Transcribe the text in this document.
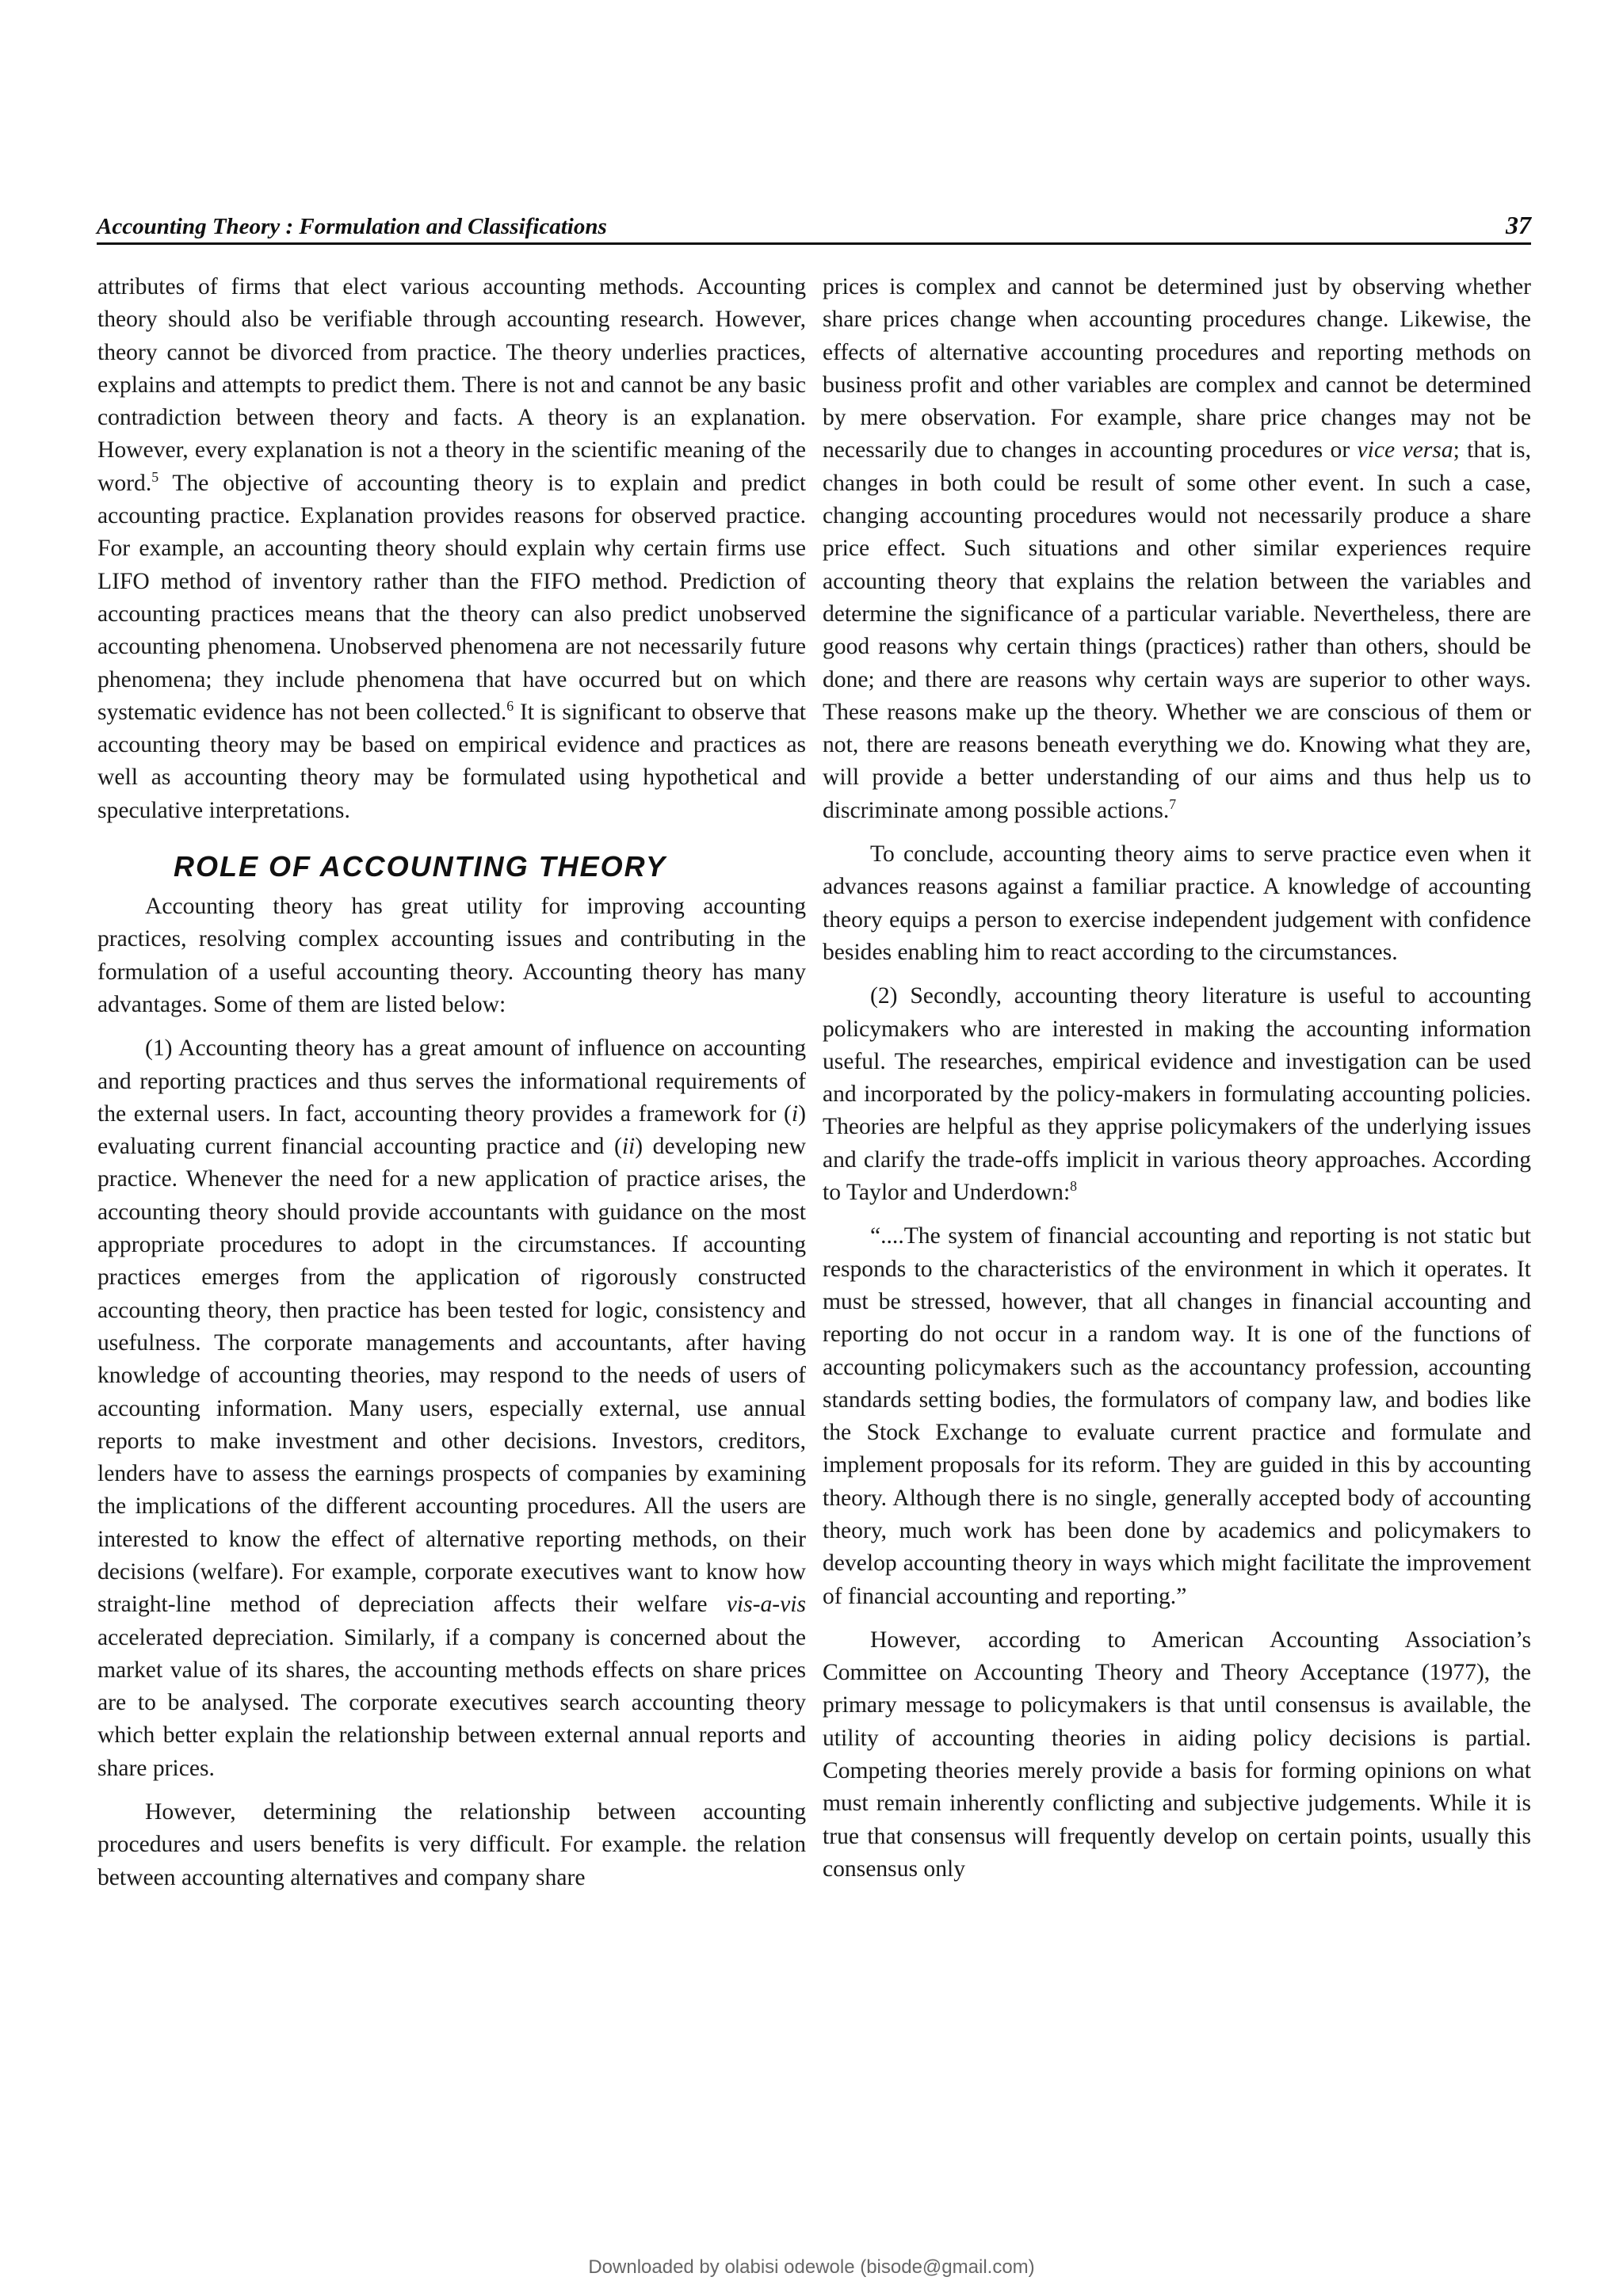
Accounting Theory : Formulation and Classifications	37

attributes of firms that elect various accounting methods. Accounting theory should also be verifiable through accounting research. However, theory cannot be divorced from practice. The theory underlies practices, explains and attempts to predict them. There is not and cannot be any basic contradiction between theory and facts. A theory is an explanation. However, every explanation is not a theory in the scientific meaning of the word.$^5$ The objective of accounting theory is to explain and predict accounting practice. Explanation provides reasons for observed practice. For example, an accounting theory should explain why certain firms use LIFO method of inventory rather than the FIFO method. Prediction of accounting practices means that the theory can also predict unobserved accounting phenomena. Unobserved phenomena are not necessarily future phenomena; they include phenomena that have occurred but on which systematic evidence has not been collected.$^6$ It is significant to observe that accounting theory may be based on empirical evidence and practices as well as accounting theory may be formulated using hypothetical and speculative interpretations.

ROLE OF ACCOUNTING THEORY

Accounting theory has great utility for improving accounting practices, resolving complex accounting issues and contributing in the formulation of a useful accounting theory. Accounting theory has many advantages. Some of them are listed below:

(1) Accounting theory has a great amount of influence on accounting and reporting practices and thus serves the informational requirements of the external users. In fact, accounting theory provides a framework for (i) evaluating current financial accounting practice and (ii) developing new practice. Whenever the need for a new application of practice arises, the accounting theory should provide accountants with guidance on the most appropriate procedures to adopt in the circumstances. If accounting practices emerges from the application of rigorously constructed accounting theory, then practice has been tested for logic, consistency and usefulness. The corporate managements and accountants, after having knowledge of accounting theories, may respond to the needs of users of accounting information. Many users, especially external, use annual reports to make investment and other decisions. Investors, creditors, lenders have to assess the earnings prospects of companies by examining the implications of the different accounting procedures. All the users are interested to know the effect of alternative reporting methods, on their decisions (welfare). For example, corporate executives want to know how straight-line method of depreciation affects their welfare vis-a-vis accelerated depreciation. Similarly, if a company is concerned about the market value of its shares, the accounting methods effects on share prices are to be analysed. The corporate executives search accounting theory which better explain the relationship between external annual reports and share prices.

However, determining the relationship between accounting procedures and users benefits is very difficult. For example. the relation between accounting alternatives and company share

prices is complex and cannot be determined just by observing whether share prices change when accounting procedures change. Likewise, the effects of alternative accounting procedures and reporting methods on business profit and other variables are complex and cannot be determined by mere observation. For example, share price changes may not be necessarily due to changes in accounting procedures or vice versa; that is, changes in both could be result of some other event. In such a case, changing accounting procedures would not necessarily produce a share price effect. Such situations and other similar experiences require accounting theory that explains the relation between the variables and determine the significance of a particular variable. Nevertheless, there are good reasons why certain things (practices) rather than others, should be done; and there are reasons why certain ways are superior to other ways. These reasons make up the theory. Whether we are conscious of them or not, there are reasons beneath everything we do. Knowing what they are, will provide a better understanding of our aims and thus help us to discriminate among possible actions.$^7$

To conclude, accounting theory aims to serve practice even when it advances reasons against a familiar practice. A knowledge of accounting theory equips a person to exercise independent judgement with confidence besides enabling him to react according to the circumstances.

(2) Secondly, accounting theory literature is useful to accounting policymakers who are interested in making the accounting information useful. The researches, empirical evidence and investigation can be used and incorporated by the policy-makers in formulating accounting policies. Theories are helpful as they apprise policymakers of the underlying issues and clarify the trade-offs implicit in various theory approaches. According to Taylor and Underdown:$^8$

“....The system of financial accounting and reporting is not static but responds to the characteristics of the environment in which it operates. It must be stressed, however, that all changes in financial accounting and reporting do not occur in a random way. It is one of the functions of accounting policymakers such as the accountancy profession, accounting standards setting bodies, the formulators of company law, and bodies like the Stock Exchange to evaluate current practice and formulate and implement proposals for its reform. They are guided in this by accounting theory. Although there is no single, generally accepted body of accounting theory, much work has been done by academics and policymakers to develop accounting theory in ways which might facilitate the improvement of financial accounting and reporting.”

However, according to American Accounting Association’s Committee on Accounting Theory and Theory Acceptance (1977), the primary message to policymakers is that until consensus is available, the utility of accounting theories in aiding policy decisions is partial. Competing theories merely provide a basis for forming opinions on what must remain inherently conflicting and subjective judgements. While it is true that consensus will frequently develop on certain points, usually this consensus only

Downloaded by olabisi odewole (bisode@gmail.com)
